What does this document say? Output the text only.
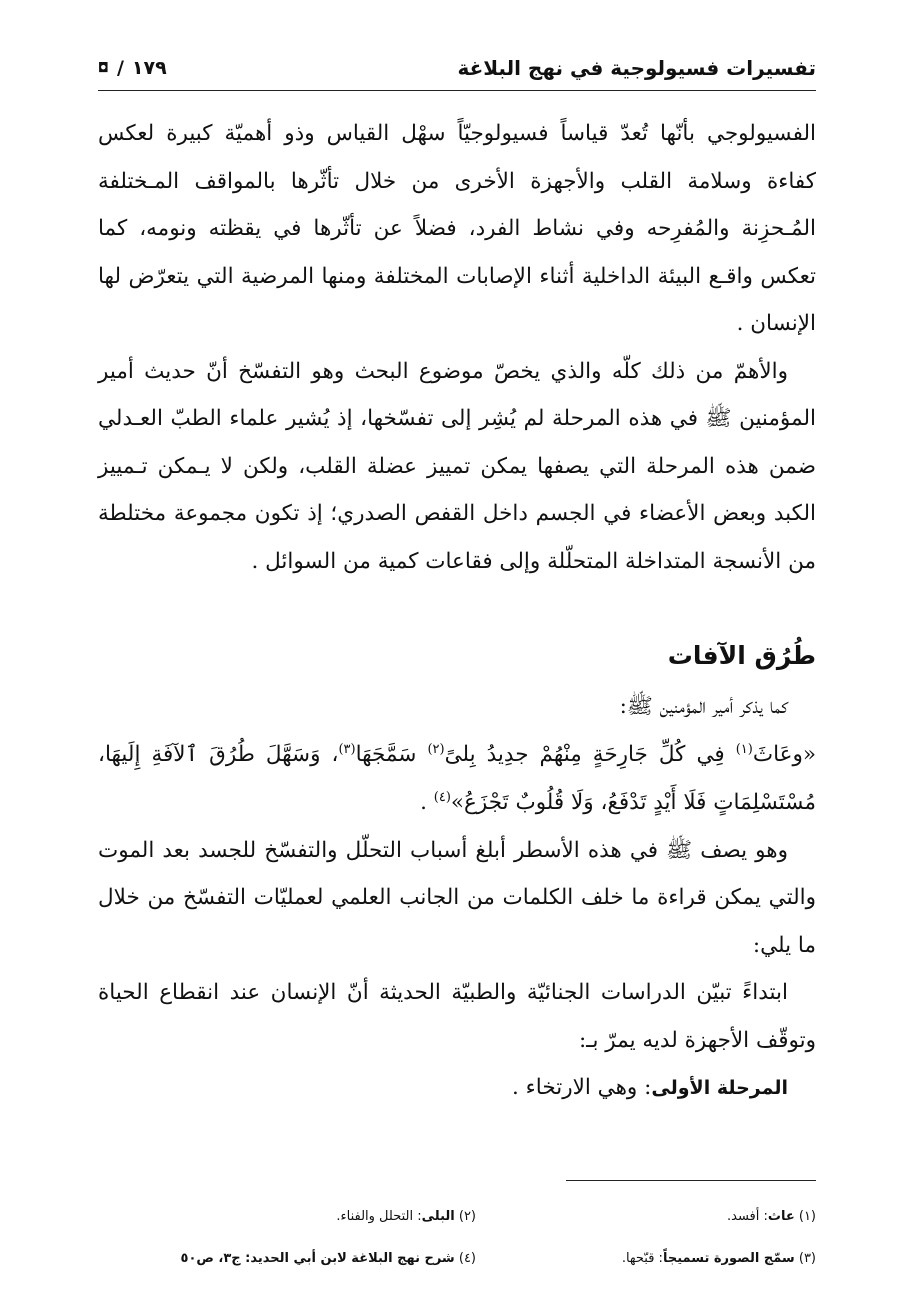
تفسيرات فسيولوجية في نهج البلاغة
١٧٩
/
◘

الفسيولوجي بأنّها تُعدّ قياساً فسيولوجيّاً سهْل القياس وذو أهميّة كبيرة لعكس كفاءة وسلامة القلب والأجهزة الأخرى من خلال تأثّرها بالمواقف المـختلفة المُـحزِنة والمُفرِحه وفي نشاط الفرد، فضلاً عن تأثّرها في يقظته ونومه، كما تعكس واقـع البيئة الداخلية أثناء الإصابات المختلفة ومنها المرضية التي يتعرّض لها الإنسان .

والأهمّ من ذلك كلّه والذي يخصّ موضوع البحث وهو التفسّخ أنّ حديث أمير المؤمنين ﷺ في هذه المرحلة لم يُشِر إلى تفسّخها، إذ يُشير علماء الطبّ العـدلي ضمن هذه المرحلة التي يصفها يمكن تمييز عضلة القلب، ولكن لا يـمكن تـمييز الكبد وبعض الأعضاء في الجسم داخل القفص الصدري؛ إذ تكون مجموعة مختلطة من الأنسجة المتداخلة المتحلّلة وإلى فقاعات كمية من السوائل .

طُرُق الآفات

كما يذكر أمير المؤمنين ﷺ:

«وعَاثَ$^{(١)}$ فِي كُلِّ جَارِحَةٍ مِنْهُمْ جدِيدُ بِلىً$^{(٢)}$ سَمَّجَهَا$^{(٣)}$، وَسَهَّلَ طُرُقَ ٱلآفَةِ إِلَيهَا، مُسْتَسْلِمَاتٍ فَلَا أَيْدٍ تَدْفَعُ، وَلَا قُلُوبٌ تَجْزَعُ»$^{(٤)}$ .

وهو يصف ﷺ في هذه الأسطر أبلغ أسباب التحلّل والتفسّخ للجسد بعد الموت والتي يمكن قراءة ما خلف الكلمات من الجانب العلمي لعمليّات التفسّخ من خلال ما يلي:

ابتداءً تبيّن الدراسات الجنائيّة والطبيّة الحديثة أنّ الإنسان عند انقطاع الحياة وتوقّف الأجهزة لديه يمرّ بـ:

المرحلة الأولى: وهي الارتخاء .

(١) عاث: أفسد.
(٢) البلى: التحلل والفناء.
(٣) سمّج الصورة تسميجاً: قبّحها.
(٤) شرح نهج البلاغة لابن أبي الحديد: ج٣، ص٥٠
